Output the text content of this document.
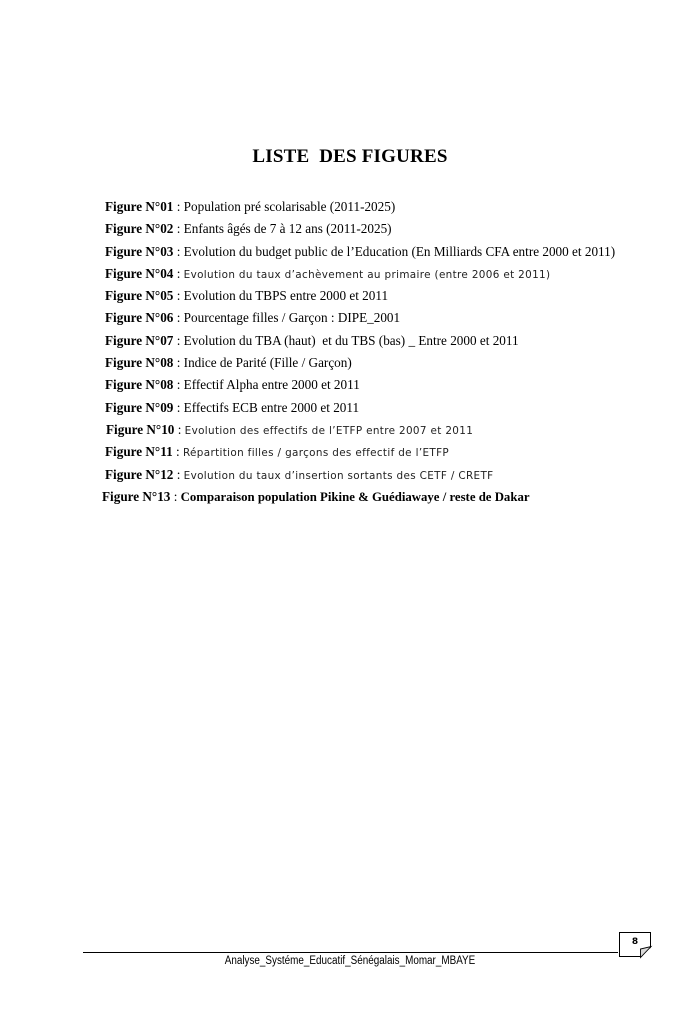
LISTE  DES FIGURES
Figure N°01 : Population pré scolarisable (2011-2025)
Figure N°02 : Enfants âgés de 7 à 12 ans (2011-2025)
Figure N°03 : Evolution du budget public de l’Education (En Milliards CFA entre 2000 et 2011)
Figure N°04 : Evolution du taux d’achèvement au primaire (entre 2006 et 2011)
Figure N°05 : Evolution du TBPS entre 2000 et 2011
Figure N°06 : Pourcentage filles / Garçon : DIPE_2001
Figure N°07 : Evolution du TBA (haut)  et du TBS (bas) _ Entre 2000 et 2011
Figure N°08 : Indice de Parité (Fille / Garçon)
Figure N°08 : Effectif Alpha entre 2000 et 2011
Figure N°09 : Effectifs ECB entre 2000 et 2011
Figure N°10 : Evolution des effectifs de l’ETFP entre 2007 et 2011
Figure N°11 : Répartition filles / garçons des effectif de l’ETFP
Figure N°12 : Evolution du taux d’insertion sortants des CETF / CRETF
Figure N°13 : Comparaison population Pikine & Guédiawaye / reste de Dakar
Analyse_Systéme_Educatif_Sénégalais_Momar_MBAYE
8
